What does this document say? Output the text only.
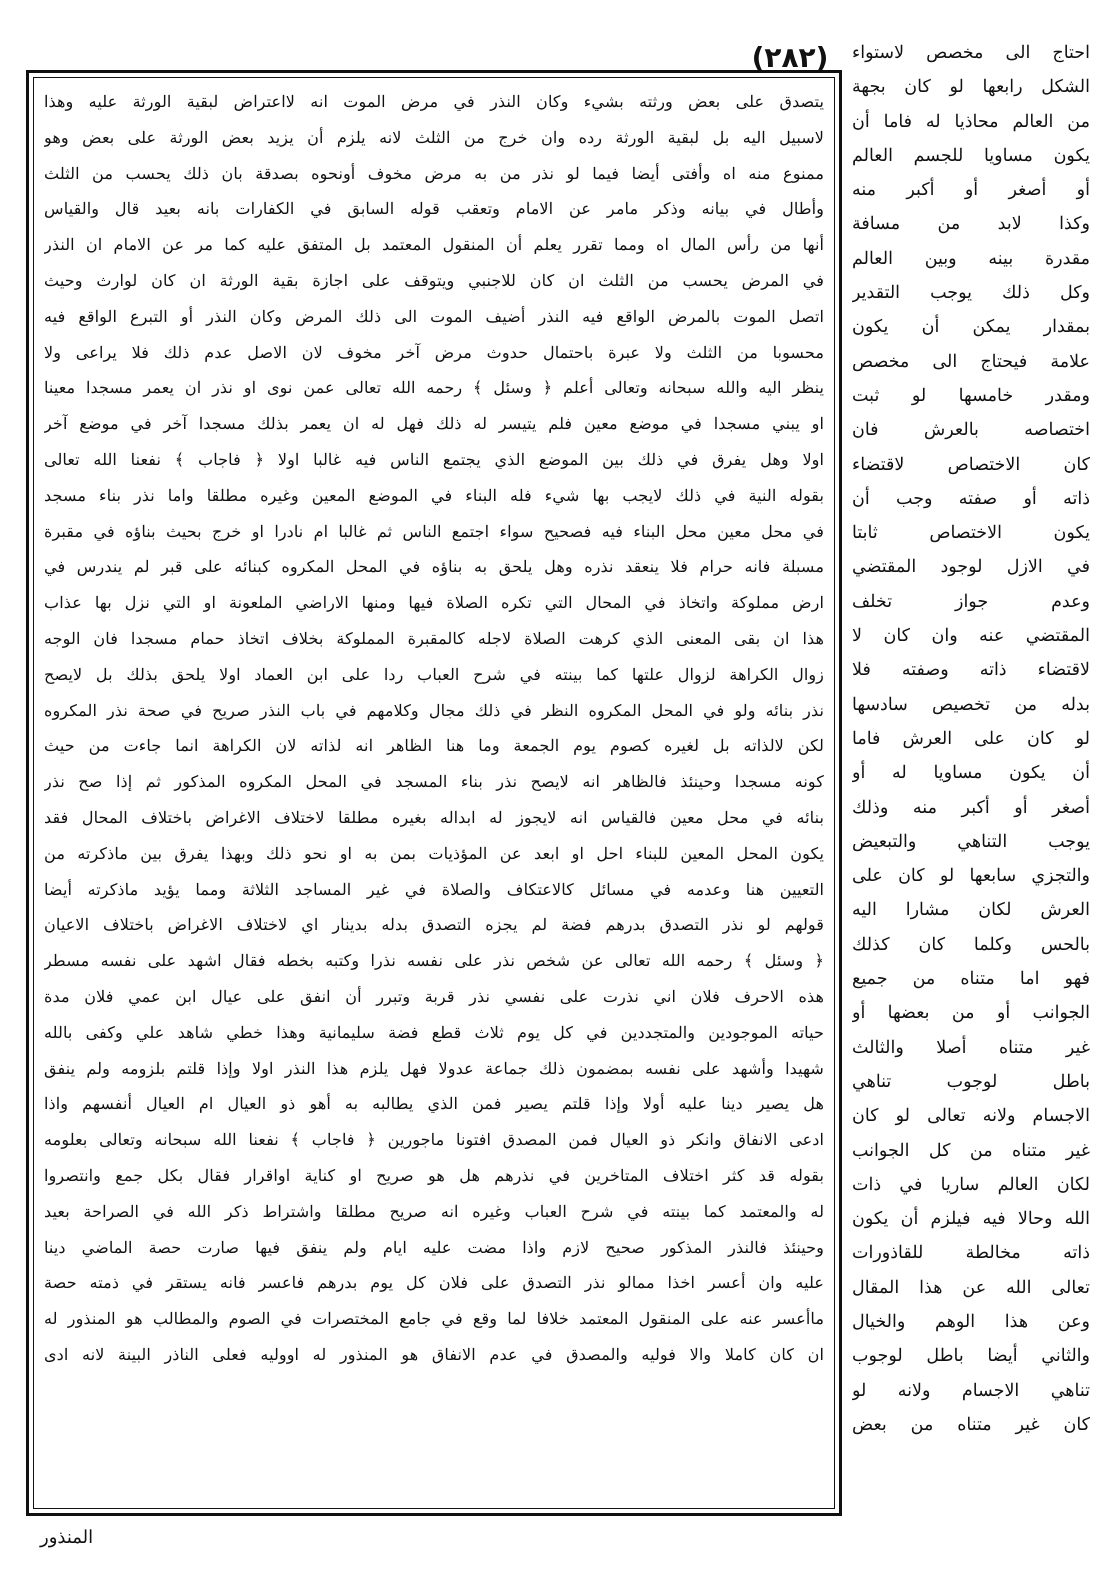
(۲۸۲)	احتاج الى مخصص لاستواء
الشكل رابعها لو كان بجهة
من العالم محاذيا له فاما أن
يكون مساويا للجسم العالم
أو أصغر أو أكبر منه
وكذا لابد من مسافة
مقدرة بينه وبين العالم
وكل ذلك يوجب التقدير
بمقدار يمكن أن يكون
علامة فيحتاج الى مخصص
ومقدر خامسها لو ثبت
اختصاصه بالعرش فان
كان الاختصاص لاقتضاء
ذاته أو صفته وجب أن
يكون الاختصاص ثابتا
في الازل لوجود المقتضي
وعدم جواز تخلف
المقتضي عنه وان كان لا
لاقتضاء ذاته وصفته فلا
بدله من تخصيص سادسها
لو كان على العرش فاما
أن يكون مساويا له أو
أصغر أو أكبر منه وذلك
يوجب التناهي والتبعيض
والتجزي سابعها لو كان على
العرش لكان مشارا اليه
بالحس وكلما كان كذلك
فهو اما متناه من جميع
الجوانب أو من بعضها أو
غير متناه أصلا والثالث
باطل لوجوب تناهي
الاجسام ولانه تعالى لو كان
غير متناه من كل الجوانب
لكان العالم ساريا في ذات
الله وحالا فيه فيلزم أن يكون
ذاته مخالطة للقاذورات
تعالى الله عن هذا المقال
وعن هذا الوهم والخيال
والثاني أيضا باطل لوجوب
تناهي الاجسام ولانه لو
كان غير متناه من بعض
يتصدق على بعض ورثته بشيء وكان النذر في مرض الموت انه لااعتراض لبقية الورثة عليه وهذا
لاسبيل اليه بل لبقية الورثة رده وان خرج من الثلث لانه يلزم أن يزيد بعض الورثة على بعض وهو
ممنوع منه اه وأفتى أيضا فيما لو نذر من به مرض مخوف أونحوه بصدقة بان ذلك يحسب من الثلث
وأطال في بيانه وذكر مامر عن الامام وتعقب قوله السابق في الكفارات بانه بعيد قال والقياس
أنها من رأس المال اه ومما تقرر يعلم أن المنقول المعتمد بل المتفق عليه كما مر عن الامام ان النذر
في المرض يحسب من الثلث ان كان للاجنبي ويتوقف على اجازة بقية الورثة ان كان لوارث وحيث
اتصل الموت بالمرض الواقع فيه النذر أضيف الموت الى ذلك المرض وكان النذر أو التبرع الواقع فيه
محسوبا من الثلث ولا عبرة باحتمال حدوث مرض آخر مخوف لان الاصل عدم ذلك فلا يراعى ولا
ينظر اليه والله سبحانه وتعالى أعلم ﴿ وسئل ﴾ رحمه الله تعالى عمن نوى او نذر ان يعمر مسجدا معينا
او يبني مسجدا في موضع معين فلم يتيسر له ذلك فهل له ان يعمر بذلك مسجدا آخر في موضع آخر
اولا وهل يفرق في ذلك بين الموضع الذي يجتمع الناس فيه غالبا اولا ﴿ فاجاب ﴾ نفعنا الله تعالى
بقوله النية في ذلك لايجب بها شيء فله البناء في الموضع المعين وغيره مطلقا واما نذر بناء مسجد
في محل معين محل البناء فيه فصحيح سواء اجتمع الناس ثم غالبا ام نادرا او خرج بحيث بناؤه في مقبرة
مسبلة فانه حرام فلا ينعقد نذره وهل يلحق به بناؤه في المحل المكروه كبنائه على قبر لم يندرس في
ارض مملوكة واتخاذ في المحال التي تكره الصلاة فيها ومنها الاراضي الملعونة او التي نزل بها عذاب
هذا ان بقى المعنى الذي كرهت الصلاة لاجله كالمقبرة المملوكة بخلاف اتخاذ حمام مسجدا فان الوجه
زوال الكراهة لزوال علتها كما بينته في شرح العباب ردا على ابن العماد اولا يلحق بذلك بل لايصح
نذر بنائه ولو في المحل المكروه النظر في ذلك مجال وكلامهم في باب النذر صريح في صحة نذر المكروه
لكن لالذاته بل لغيره كصوم يوم الجمعة وما هنا الظاهر انه لذاته لان الكراهة انما جاءت من حيث
كونه مسجدا وحينئذ فالظاهر انه لايصح نذر بناء المسجد في المحل المكروه المذكور ثم إذا صح نذر
بنائه في محل معين فالقياس انه لايجوز له ابداله بغيره مطلقا لاختلاف الاغراض باختلاف المحال فقد
يكون المحل المعين للبناء احل او ابعد عن المؤذيات بمن به او نحو ذلك وبهذا يفرق بين ماذكرته من
التعيين هنا وعدمه في مسائل كالاعتكاف والصلاة في غير المساجد الثلاثة ومما يؤيد ماذكرته أيضا
قولهم لو نذر التصدق بدرهم فضة لم يجزه التصدق بدله بدينار اي لاختلاف الاغراض باختلاف الاعيان
﴿ وسئل ﴾ رحمه الله تعالى عن شخص نذر على نفسه نذرا وكتبه بخطه فقال اشهد على نفسه مسطر
هذه الاحرف فلان اني نذرت على نفسي نذر قربة وتبرر أن انفق على عيال ابن عمي فلان مدة
حياته الموجودين والمتجددين في كل يوم ثلاث قطع فضة سليمانية وهذا خطي شاهد علي وكفى بالله
شهيدا وأشهد على نفسه بمضمون ذلك جماعة عدولا فهل يلزم هذا النذر اولا وإذا قلتم بلزومه ولم ينفق
هل يصير دينا عليه أولا وإذا قلتم يصير فمن الذي يطالبه به أهو ذو العيال ام العيال أنفسهم واذا
ادعى الانفاق وانكر ذو العيال فمن المصدق افتونا ماجورين ﴿ فاجاب ﴾ نفعنا الله سبحانه وتعالى بعلومه
بقوله قد كثر اختلاف المتاخرين في نذرهم هل هو صريح او كناية اواقرار فقال بكل جمع وانتصروا
له والمعتمد كما بينته في شرح العباب وغيره انه صريح مطلقا واشتراط ذكر الله في الصراحة بعيد
وحينئذ فالنذر المذكور صحيح لازم واذا مضت عليه ايام ولم ينفق فيها صارت حصة الماضي دينا
عليه وان أعسر اخذا ممالو نذر التصدق على فلان كل يوم بدرهم فاعسر فانه يستقر في ذمته حصة
ماأعسر عنه على المنقول المعتمد خلافا لما وقع في جامع المختصرات في الصوم والمطالب هو المنذور له
ان كان كاملا والا فوليه والمصدق في عدم الانفاق هو المنذور له اووليه فعلى الناذر البينة لانه ادى
المنذور
